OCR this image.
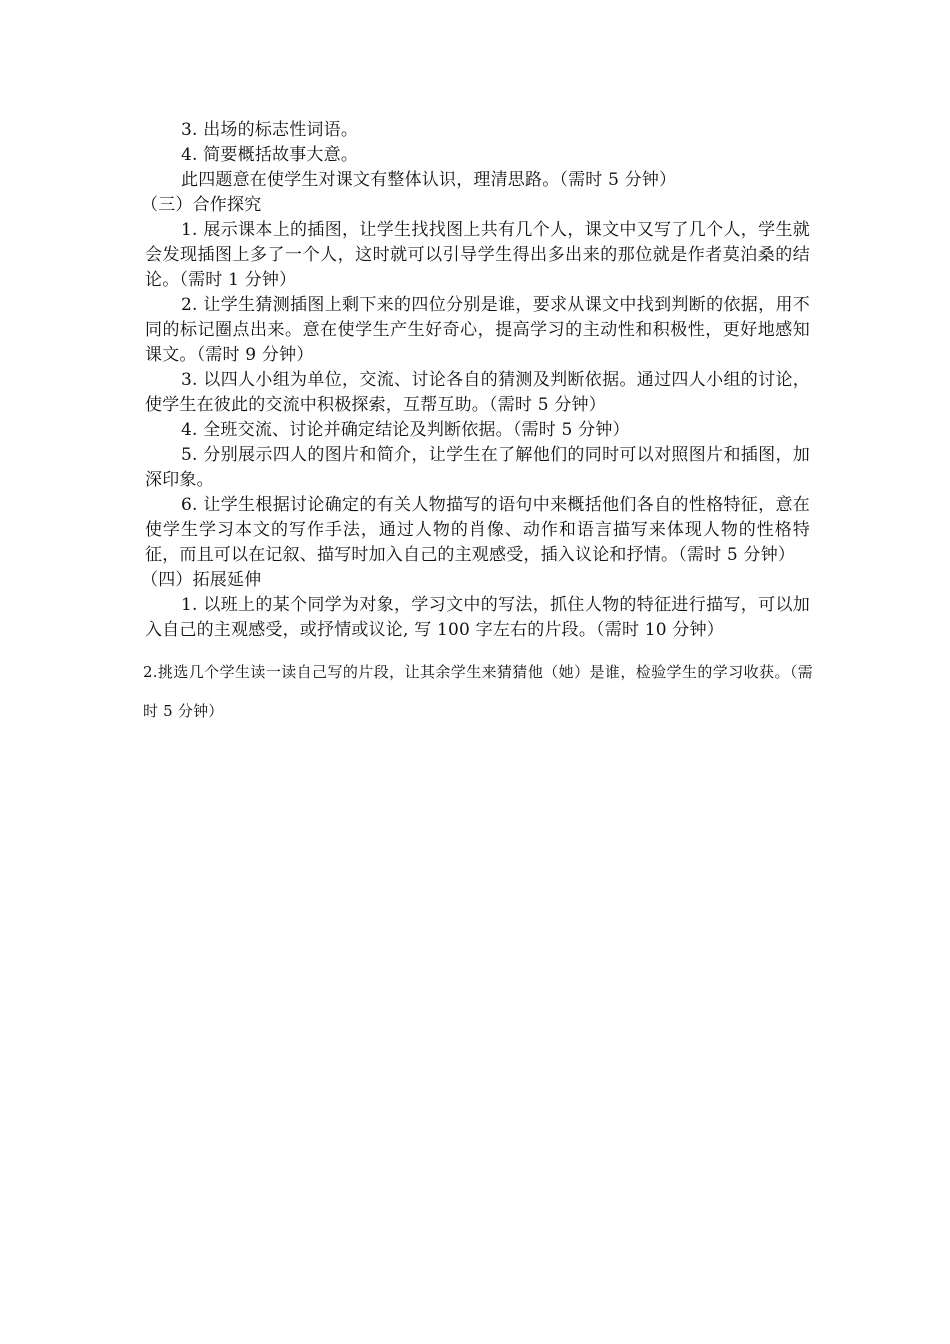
3. 出场的标志性词语。

4. 简要概括故事大意。

此四题意在使学生对课文有整体认识，理清思路。（需时 5 分钟）

（三）合作探究

1. 展示课本上的插图，让学生找找图上共有几个人，课文中又写了几个人，学生就会发现插图上多了一个人，这时就可以引导学生得出多出来的那位就是作者莫泊桑的结论。（需时 1 分钟）

2. 让学生猜测插图上剩下来的四位分别是谁，要求从课文中找到判断的依据，用不同的标记圈点出来。意在使学生产生好奇心，提高学习的主动性和积极性，更好地感知课文。（需时 9 分钟）

3. 以四人小组为单位，交流、讨论各自的猜测及判断依据。通过四人小组的讨论，使学生在彼此的交流中积极探索，互帮互助。（需时 5 分钟）

4. 全班交流、讨论并确定结论及判断依据。（需时 5 分钟）

5. 分别展示四人的图片和简介，让学生在了解他们的同时可以对照图片和插图，加深印象。

6. 让学生根据讨论确定的有关人物描写的语句中来概括他们各自的性格特征，意在使学生学习本文的写作手法，通过人物的肖像、动作和语言描写来体现人物的性格特征，而且可以在记叙、描写时加入自己的主观感受，插入议论和抒情。（需时 5 分钟）

（四）拓展延伸

1. 以班上的某个同学为对象，学习文中的写法，抓住人物的特征进行描写，可以加入自己的主观感受，或抒情或议论, 写 100 字左右的片段。（需时 10 分钟）

2.挑选几个学生读一读自己写的片段，让其余学生来猜猜他（她）是谁，检验学生的学习收获。（需时 5 分钟）
